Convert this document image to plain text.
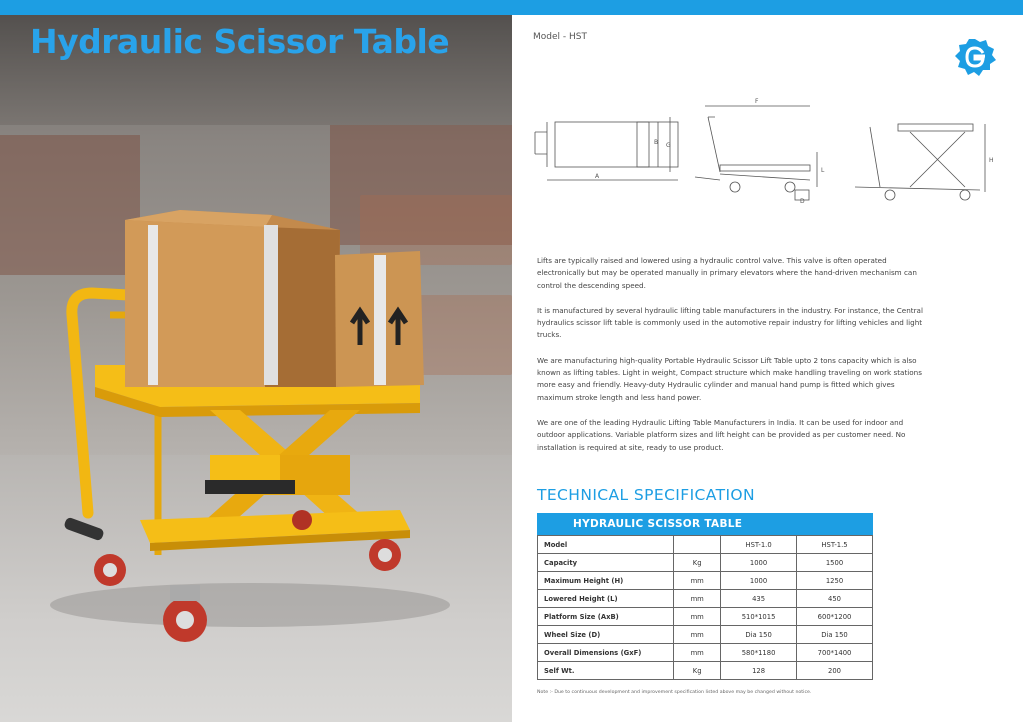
Hydraulic Scissor Table	Model - HST
A
B G
F
L
D
H

Lifts are typically raised and lowered using a hydraulic control valve. This valve is often operated electronically but may be operated manually in primary elevators where the hand-driven mechanism can control the descending speed.

It is manufactured by several hydraulic lifting table manufacturers in the industry. For instance, the Central hydraulics scissor lift table is commonly used in the automotive repair industry for lifting vehicles and light trucks.

We are manufacturing high-quality Portable Hydraulic Scissor Lift Table upto 2 tons capacity which is also known as lifting tables. Light in weight, Compact structure which make handling traveling on work stations more easy and friendly. Heavy-duty Hydraulic cylinder and manual hand pump is fitted which gives maximum stroke length and less hand power.

We are one of the leading Hydraulic Lifting Table Manufacturers in India. It can be used for indoor and outdoor applications. Variable platform sizes and lift height can be provided as per customer need. No installation is required at site, ready to use product.

TECHNICAL SPECIFICATION
HYDRAULIC SCISSOR TABLE
Model		HST-1.0	HST-1.5
Capacity	Kg	1000	1500
Maximum Height (H)	mm	1000	1250
Lowered Height (L)	mm	435	450
Platform Size (AxB)	mm	510*1015	600*1200
Wheel Size (D)	mm	Dia 150	Dia 150
Overall Dimensions (GxF)	mm	580*1180	700*1400
Self Wt.	Kg	128	200
Note :- Due to continuous development and improvement specification listed above may be changed without notice.
